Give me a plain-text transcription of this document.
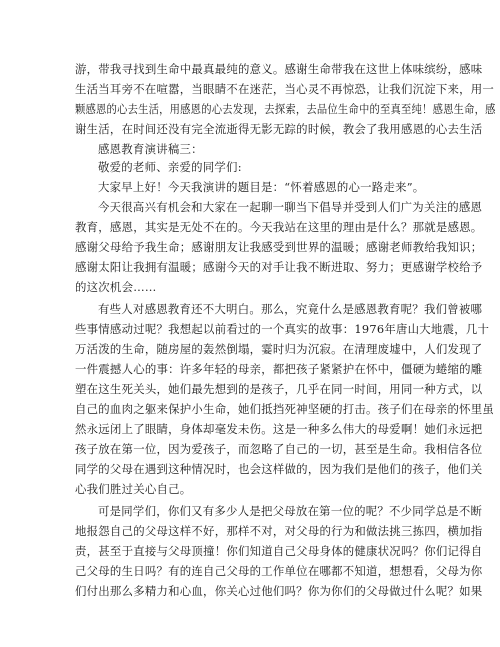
游，带我寻找到生命中最真最纯的意义。感谢生命带我在这世上体味缤纷，感味
生活当耳旁不在喧嚣，当眼睛不在迷茫，当心灵不再惊恐，让我们沉淀下来，用一
颗感恩的心去生活，用感恩的心去发现，去探索，去品位生命中的至真至纯！感恩生命，感
谢生活，在时间还没有完全流逝得无影无踪的时候，教会了我用感恩的心去生活
感恩教育演讲稿三：
敬爱的老师、亲爱的同学们:
大家早上好！今天我演讲的题目是：“怀着感恩的心一路走来”。
今天很高兴有机会和大家在一起聊一聊当下倡导并受到人们广为关注的感恩
教育，感恩，其实是无处不在的。今天我站在这里的理由是什么？那就是感恩。
感谢父母给予我生命；感谢朋友让我感受到世界的温暖；感谢老师教给我知识；
感谢太阳让我拥有温暖；感谢今天的对手让我不断进取、努力；更感谢学校给予
的这次机会……
有些人对感恩教育还不大明白。那么，究竟什么是感恩教育呢？我们曾被哪
些事情感动过呢？我想起以前看过的一个真实的故事：1976年唐山大地震，几十
万活泼的生命，随房屋的轰然倒塌，霎时归为沉寂。在清理废墟中，人们发现了
一件震撼人心的事：许多年轻的母亲，都把孩子紧紧护在怀中，僵硬为蜷缩的雕
塑在这生死关头，她们最先想到的是孩子，几乎在同一时间，用同一种方式，以
自己的血肉之躯来保护小生命，她们抵挡死神坚硬的打击。孩子们在母亲的怀里虽
然永远闭上了眼睛，身体却毫发未伤。这是一种多么伟大的母爱啊！她们永远把
孩子放在第一位，因为爱孩子，而忽略了自己的一切，甚至是生命。我相信各位
同学的父母在遇到这种情况时，也会这样做的，因为我们是他们的孩子，他们关
心我们胜过关心自己。
可是同学们，你们又有多少人是把父母放在第一位的呢？不少同学总是不断
地报怨自己的父母这样不好，那样不对，对父母的行为和做法挑三拣四，横加指
责，甚至于直接与父母顶撞！你们知道自己父母身体的健康状况吗？你们记得自
己父母的生日吗？有的连自己父母的工作单位在哪都不知道，想想看，父母为你
们付出那么多精力和心血，你关心过他们吗？你为你们的父母做过什么呢？如果
